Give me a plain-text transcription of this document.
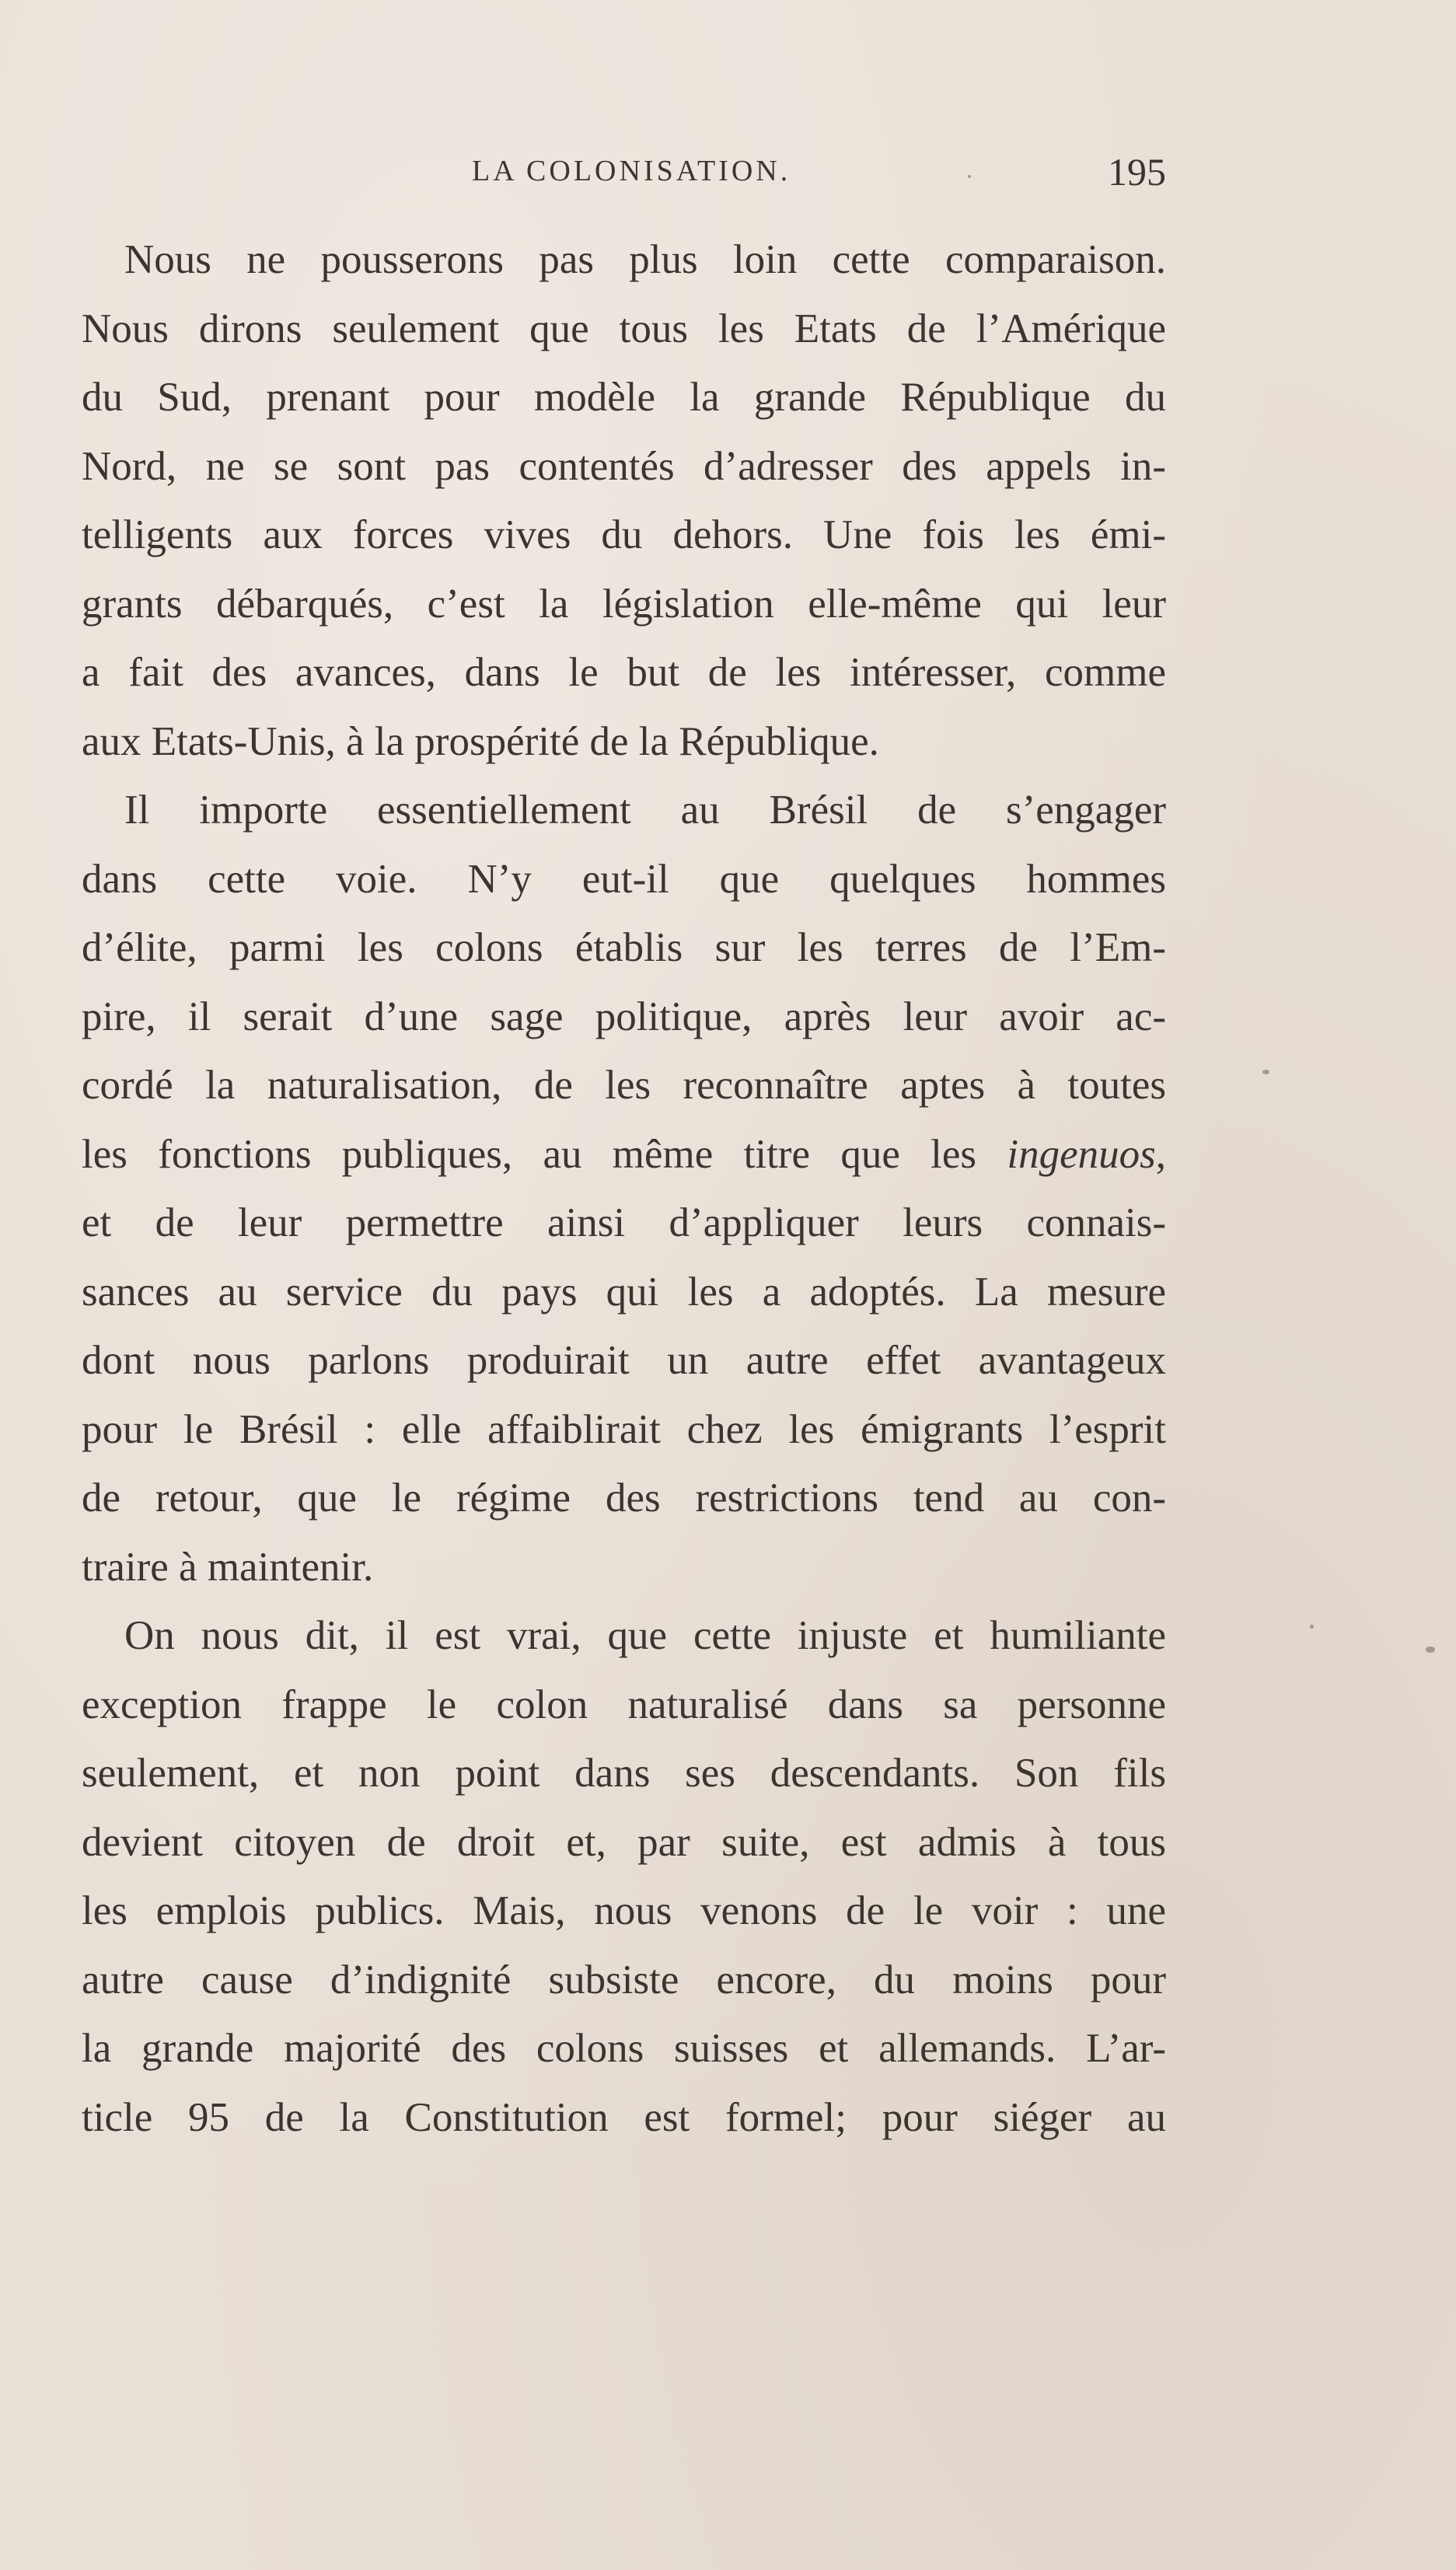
LA COLONISATION.	195
Nous ne pousserons pas plus loin cette comparaison.
Nous dirons seulement que tous les Etats de l’Amérique
du Sud, prenant pour modèle la grande République du
Nord, ne se sont pas contentés d’adresser des appels in-
telligents aux forces vives du dehors. Une fois les émi-
grants débarqués, c’est la législation elle-même qui leur
a fait des avances, dans le but de les intéresser, comme
aux Etats-Unis, à la prospérité de la République.
Il importe essentiellement au Brésil de s’engager
dans cette voie. N’y eut-il que quelques hommes
d’élite, parmi les colons établis sur les terres de l’Em-
pire, il serait d’une sage politique, après leur avoir ac-
cordé la naturalisation, de les reconnaître aptes à toutes
les fonctions publiques, au même titre que les ingenuos,
et de leur permettre ainsi d’appliquer leurs connais-
sances au service du pays qui les a adoptés. La mesure
dont nous parlons produirait un autre effet avantageux
pour le Brésil : elle affaiblirait chez les émigrants l’esprit
de retour, que le régime des restrictions tend au con-
traire à maintenir.
On nous dit, il est vrai, que cette injuste et humiliante
exception frappe le colon naturalisé dans sa personne
seulement, et non point dans ses descendants. Son fils
devient citoyen de droit et, par suite, est admis à tous
les emplois publics. Mais, nous venons de le voir : une
autre cause d’indignité subsiste encore, du moins pour
la grande majorité des colons suisses et allemands. L’ar-
ticle 95 de la Constitution est formel; pour siéger au
